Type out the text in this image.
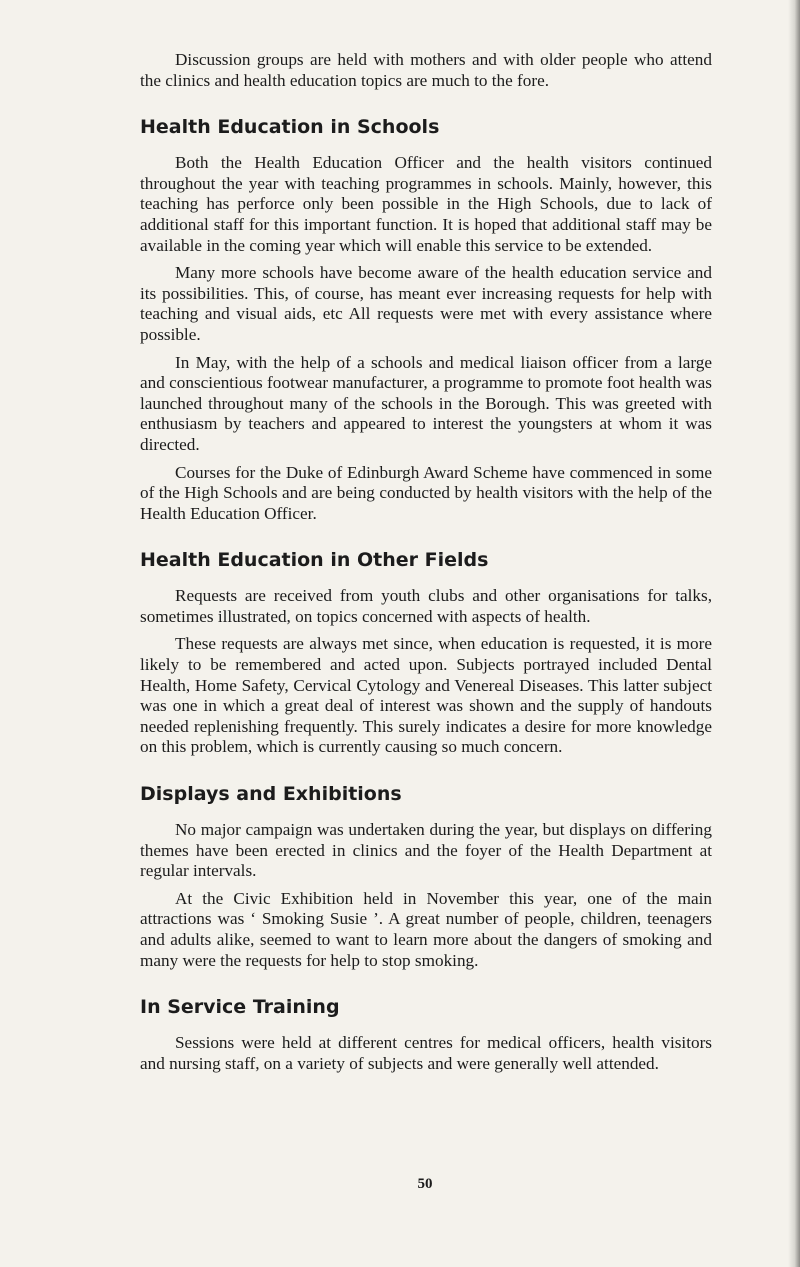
Discussion groups are held with mothers and with older people who attend the clinics and health education topics are much to the fore.

Health Education in Schools

Both the Health Education Officer and the health visitors continued throughout the year with teaching programmes in schools. Mainly, however, this teaching has perforce only been possible in the High Schools, due to lack of additional staff for this important function. It is hoped that additional staff may be available in the coming year which will enable this service to be extended.

Many more schools have become aware of the health education service and its possibilities. This, of course, has meant ever increasing requests for help with teaching and visual aids, etc All requests were met with every assistance where possible.

In May, with the help of a schools and medical liaison officer from a large and conscientious footwear manufacturer, a programme to promote foot health was launched throughout many of the schools in the Borough. This was greeted with enthusiasm by teachers and appeared to interest the youngsters at whom it was directed.

Courses for the Duke of Edinburgh Award Scheme have commenced in some of the High Schools and are being conducted by health visitors with the help of the Health Education Officer.

Health Education in Other Fields

Requests are received from youth clubs and other organisations for talks, sometimes illustrated, on topics concerned with aspects of health.

These requests are always met since, when education is requested, it is more likely to be remembered and acted upon. Subjects portrayed included Dental Health, Home Safety, Cervical Cytology and Venereal Diseases. This latter subject was one in which a great deal of interest was shown and the supply of handouts needed replenishing frequently. This surely indicates a desire for more knowledge on this problem, which is currently causing so much concern.

Displays and Exhibitions

No major campaign was undertaken during the year, but displays on differing themes have been erected in clinics and the foyer of the Health Department at regular intervals.

At the Civic Exhibition held in November this year, one of the main attractions was ‘ Smoking Susie ’. A great number of people, children, teenagers and adults alike, seemed to want to learn more about the dangers of smoking and many were the requests for help to stop smoking.

In Service Training

Sessions were held at different centres for medical officers, health visitors and nursing staff, on a variety of subjects and were generally well attended.

50
